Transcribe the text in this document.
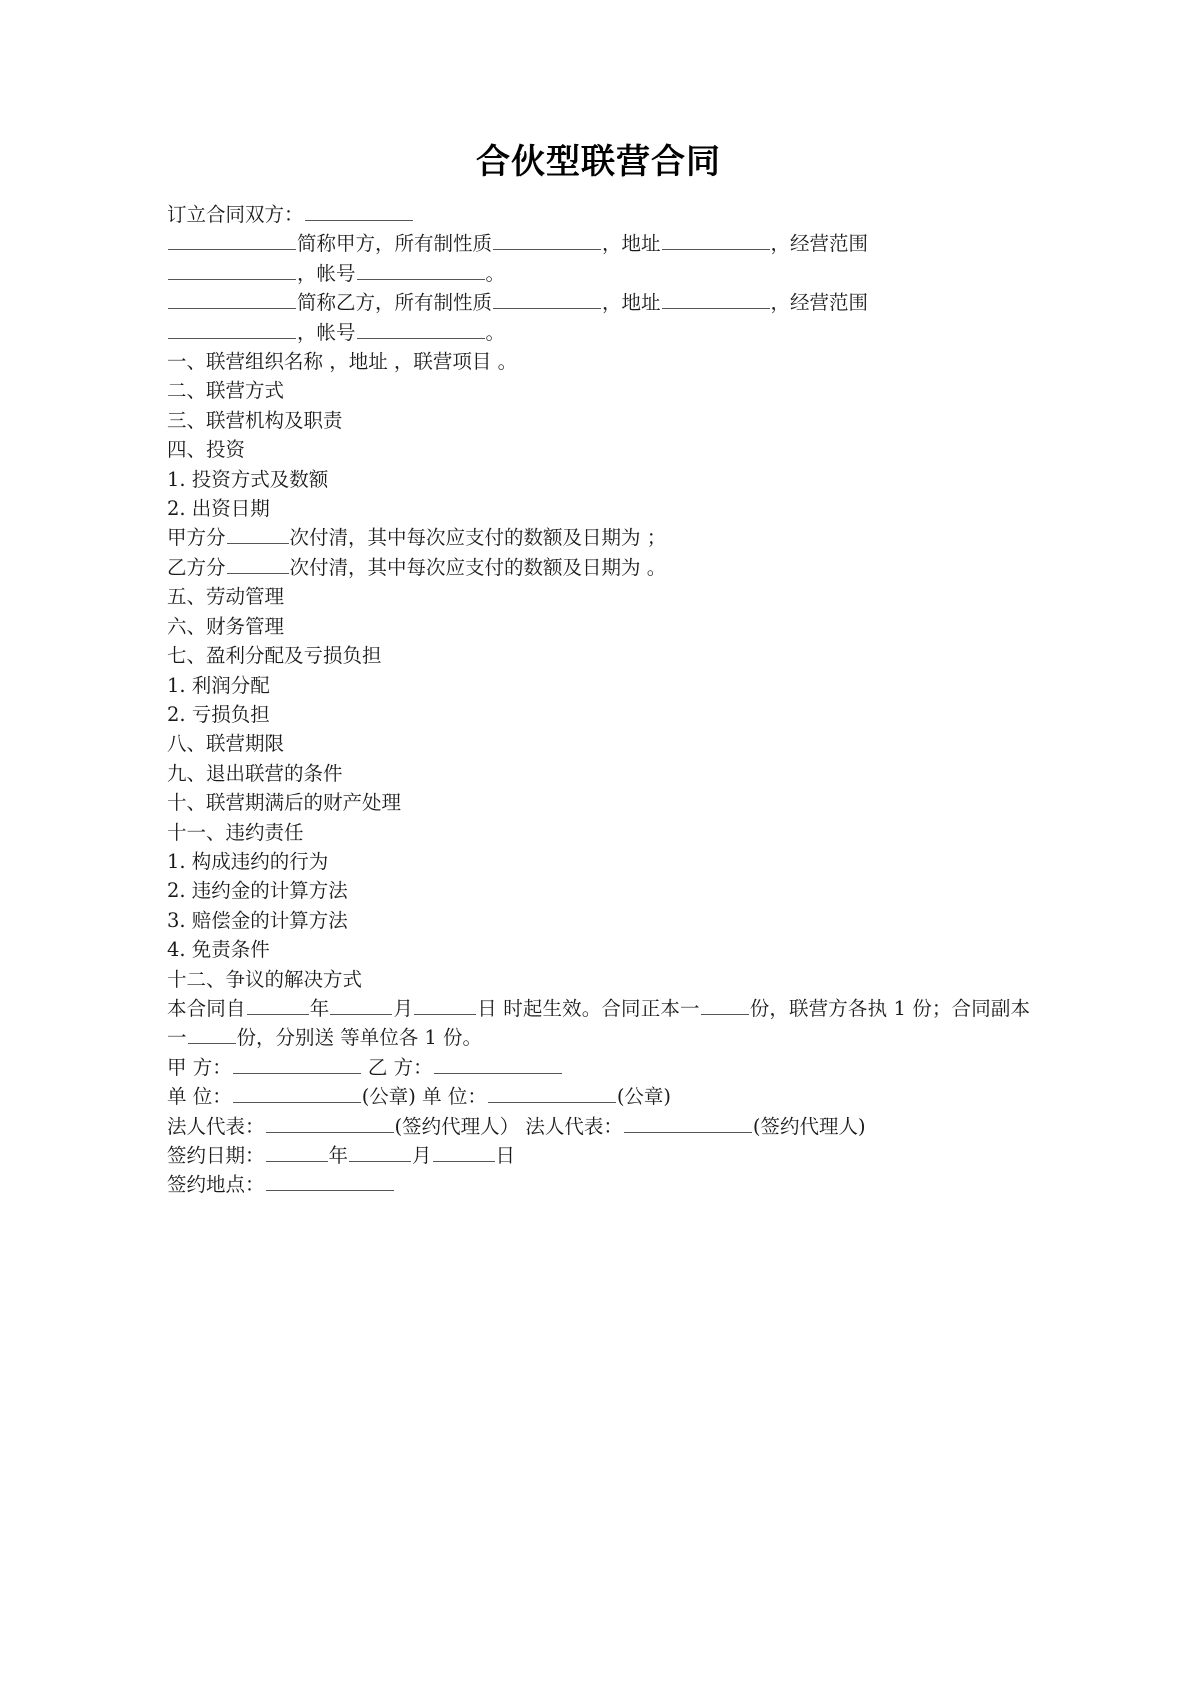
合伙型联营合同

订立合同双方：

简称甲方，所有制性质	，地址	，经营范围

，帐号	。

简称乙方，所有制性质	，地址	，经营范围

，帐号	。

一、联营组织名称 ，地址 ，联营项目 。

二、联营方式

三、联营机构及职责

四、投资

1. 投资方式及数额

2. 出资日期

甲方分	次付清，其中每次应支付的数额及日期为 ；

乙方分	次付清，其中每次应支付的数额及日期为 。

五、劳动管理

六、财务管理

七、盈利分配及亏损负担

1. 利润分配

2. 亏损负担

八、联营期限

九、退出联营的条件

十、联营期满后的财产处理

十一、违约责任

1. 构成违约的行为

2. 违约金的计算方法

3. 赔偿金的计算方法

4. 免责条件

十二、争议的解决方式

本合同自	年	月	日 时起生效。合同正本一	份，联营方各执 1 份；合同副本一	份，分别送 等单位各 1 份。

甲 方：	乙 方：

单 位：	(公章) 单 位：	(公章)

法人代表：	(签约代理人） 法人代表：	(签约代理人)

签约日期：	年	月	日

签约地点：
